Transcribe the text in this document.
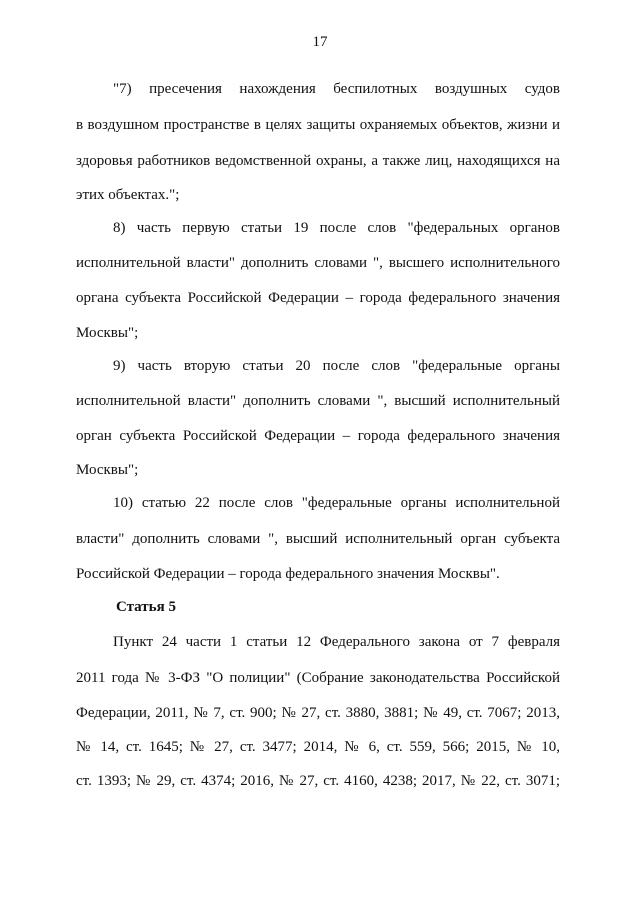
17
"7) пресечения нахождения беспилотных воздушных судов
в воздушном пространстве в целях защиты охраняемых объектов, жизни и
здоровья работников ведомственной охраны, а также лиц, находящихся на
этих объектах.";
8) часть первую статьи 19 после слов "федеральных органов
исполнительной власти" дополнить словами ", высшего исполнительного
органа субъекта Российской Федерации – города федерального значения
Москвы";
9) часть вторую статьи 20 после слов "федеральные органы
исполнительной власти" дополнить словами ", высший исполнительный
орган субъекта Российской Федерации – города федерального значения
Москвы";
10) статью 22 после слов "федеральные органы исполнительной
власти" дополнить словами ", высший исполнительный орган субъекта
Российской Федерации – города федерального значения Москвы".
Статья 5
Пункт 24 части 1 статьи 12 Федерального закона от 7 февраля
2011 года № 3-ФЗ "О полиции" (Собрание законодательства Российской
Федерации, 2011, № 7, ст. 900; № 27, ст. 3880, 3881; № 49, ст. 7067; 2013,
№ 14, ст. 1645; № 27, ст. 3477; 2014, № 6, ст. 559, 566; 2015, № 10,
ст. 1393; № 29, ст. 4374; 2016, № 27, ст. 4160, 4238; 2017, № 22, ст. 3071;
